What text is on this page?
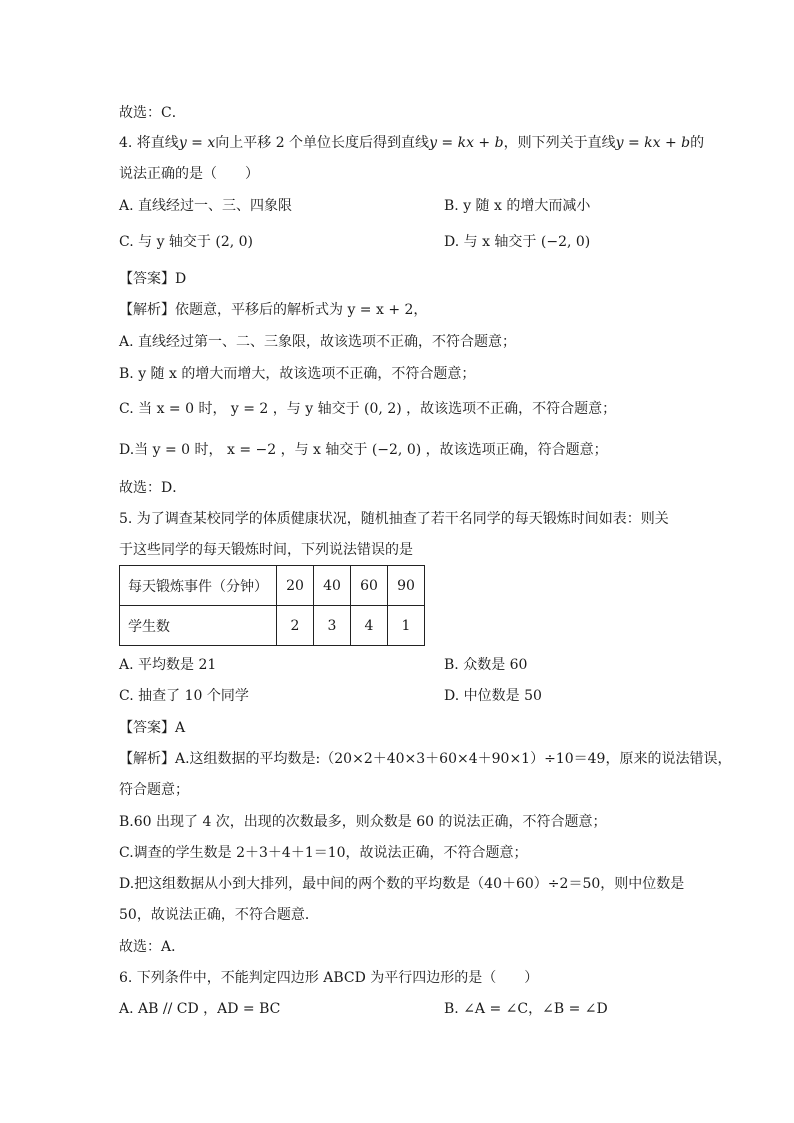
故选：C．
4. 将直线y = x向上平移 2 个单位长度后得到直线y = kx + b，则下列关于直线y = kx + b的
说法正确的是（　　）
A. 直线经过一、三、四象限	B. y 随 x 的增大而减小
C. 与 y 轴交于 (2, 0)	D. 与 x 轴交于 (−2, 0)
【答案】D
【解析】依题意，平移后的解析式为 y = x + 2，
A. 直线经过第一、二、三象限，故该选项不正确，不符合题意；
B. y 随 x 的增大而增大，故该选项不正确，不符合题意；
C. 当 x = 0 时， y = 2 ，与 y 轴交于 (0, 2) ，故该选项不正确，不符合题意；
D.当 y = 0 时， x = −2 ，与 x 轴交于 (−2, 0) ，故该选项正确，符合题意；
故选：D．
5. 为了调查某校同学的体质健康状况，随机抽查了若干名同学的每天锻炼时间如表：则关
于这些同学的每天锻炼时间，下列说法错误的是
每天锻炼事件（分钟）	20	40	60	90
学生数	2	3	4	1
A. 平均数是 21	B. 众数是 60
C. 抽查了 10 个同学	D. 中位数是 50
【答案】A
【解析】A.这组数据的平均数是:（20×2＋40×3＋60×4＋90×1）÷10＝49，原来的说法错误，
符合题意；
B.60 出现了 4 次，出现的次数最多，则众数是 60 的说法正确，不符合题意；
C.调查的学生数是 2＋3＋4＋1＝10，故说法正确，不符合题意；
D.把这组数据从小到大排列，最中间的两个数的平均数是（40＋60）÷2＝50，则中位数是
50，故说法正确，不符合题意．
故选：A．
6. 下列条件中，不能判定四边形 ABCD 为平行四边形的是（　　）
A. AB // CD ，AD = BC	B. ∠A = ∠C，∠B = ∠D
